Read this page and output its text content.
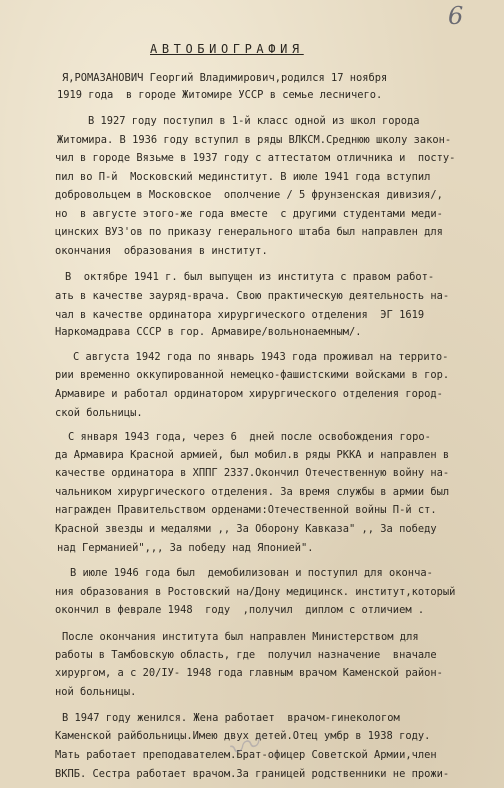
6
АВТОБИОГРАФИЯ
Я,РОМАЗАНОВИЧ Георгий Владимирович,родился 17 ноября
1919 года  в городе Житомире УССР в семье лесничего.
В 1927 году поступил в 1-й класс одной из школ города
Житомира. В 1936 году вступил в ряды ВЛКСМ.Среднюю школу закон-
чил в городе Вязьме в 1937 году с аттестатом отличника и  посту-
пил во П-й  Московский мединститут. В июле 1941 года вступил
добровольцем в Московское  ополчение / 5 фрунзенская дивизия/,
но  в августе этого-же года вместе  с другими студентами меди-
цинских ВУЗ'ов по приказу генерального штаба был направлен для
окончания  образования в институт.
В  октябре 1941 г. был выпущен из института с правом работ-
ать в качестве зауряд-врача. Свою практическую деятельность на-
чал в качестве ординатора хирургического отделения  ЭГ 1619
Наркомадрава СССР в гор. Армавире/вольнонаемным/.
С августа 1942 года по январь 1943 года проживал на террито-
рии временно оккупированной немецко-фашистскими войсками в гор.
Армавире и работал ординатором хирургического отделения город-
ской больницы.
С января 1943 года, через 6  дней после освобождения горо-
да Армавира Красной армией, был мобил.в ряды РККА и направлен в
качестве ординатора в ХППГ 2337.Окончил Отечественную войну на-
чальником хирургического отделения. За время службы в армии был
награжден Правительством орденами:Отечественной войны П-й ст.
Красной звезды и медалями ,, За Оборону Кавказа" ,, За победу
над Германией",,, За победу над Японией".
В июле 1946 года был  демобилизован и поступил для оконча-
ния образования в Ростовский на/Дону медицинск. институт,который
окончил в феврале 1948  году  ,получил  диплом с отличием .
После окончания института был направлен Министерством для
работы в Тамбовскую область, где  получил назначение  вначале
хирургом, а с 20/IУ- 1948 года главным врачом Каменской район-
ной больницы.
В 1947 году женился. Жена работает  врачом-гинекологом
Каменской райбольницы.Имею двух детей.Отец умбр в 1938 году.
Мать работает преподавателем.Брат-офицер Советской Армии,член
ВКПБ. Сестра работает врачом.За границей родственники не прожи-
〰
